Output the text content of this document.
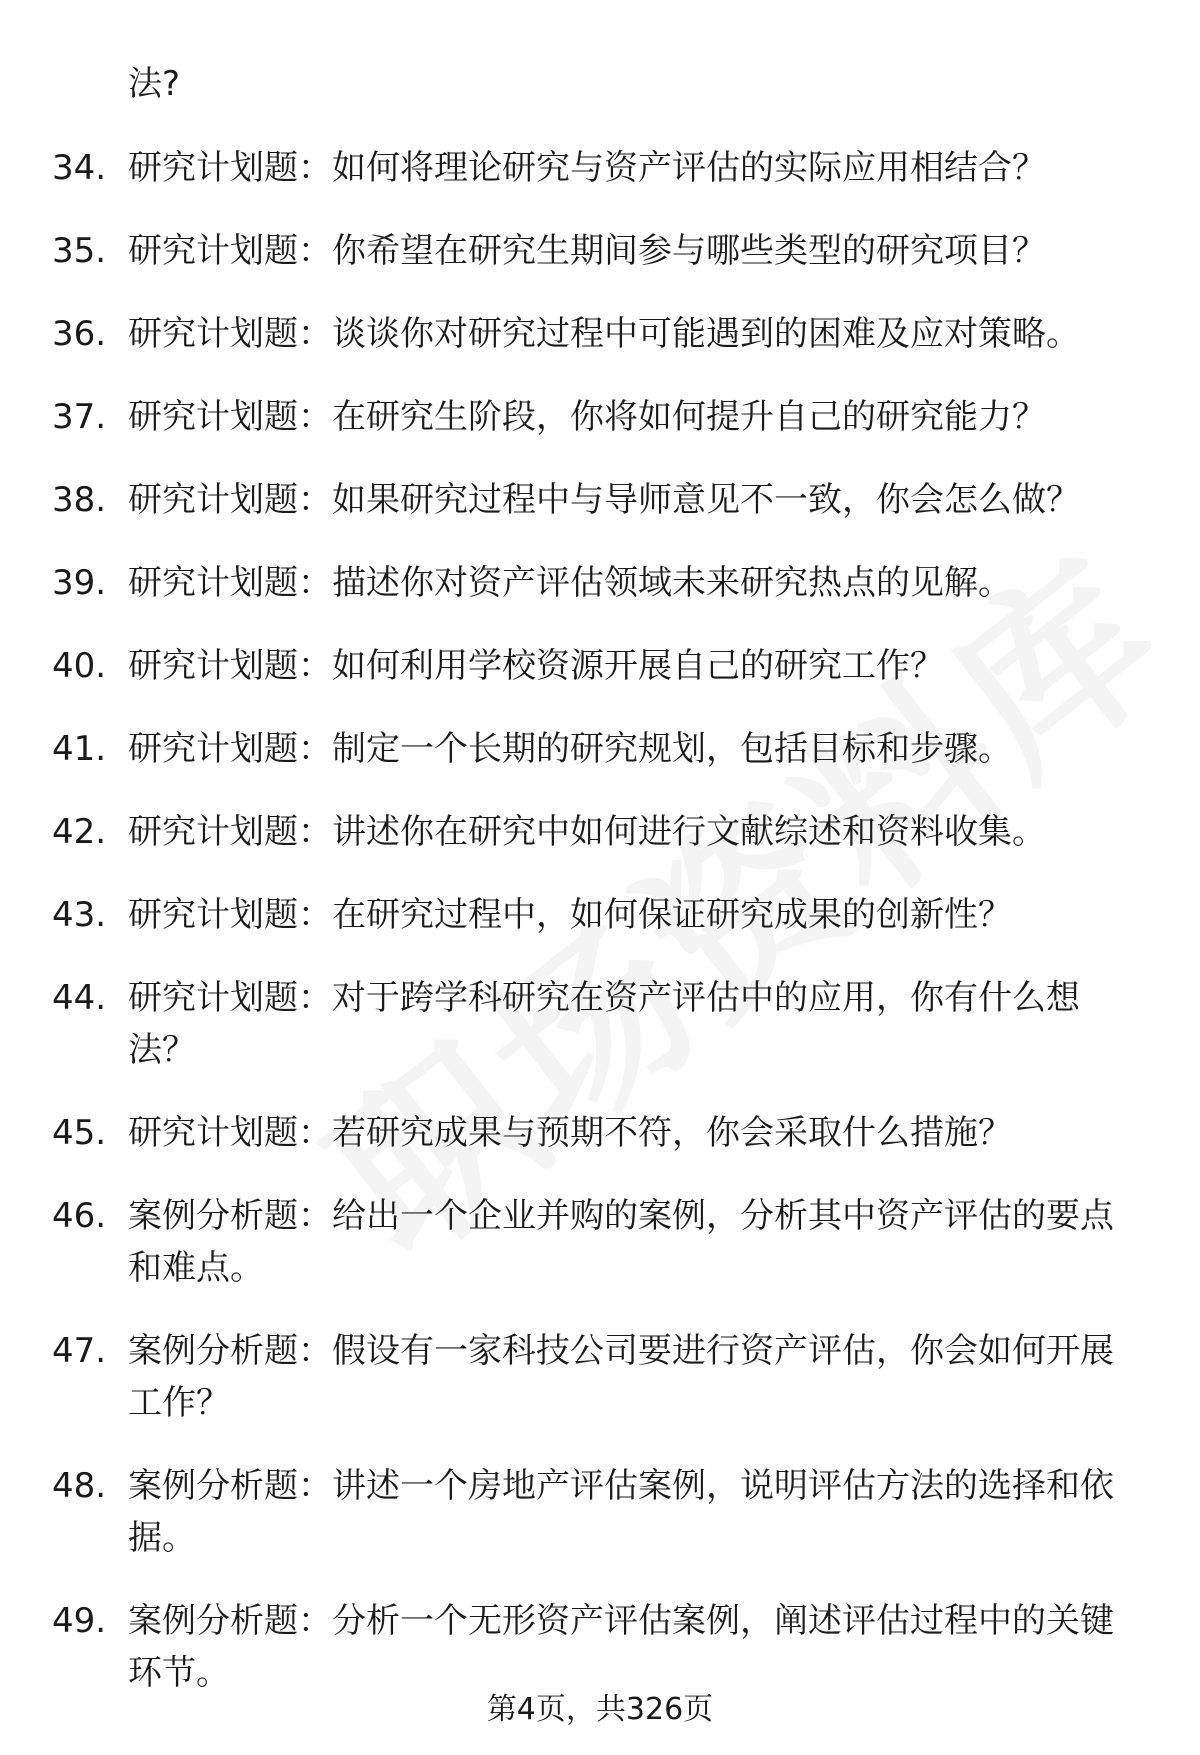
法?
34. 研究计划题：如何将理论研究与资产评估的实际应用相结合？
35. 研究计划题：你希望在研究生期间参与哪些类型的研究项目？
36. 研究计划题：谈谈你对研究过程中可能遇到的困难及应对策略。
37. 研究计划题：在研究生阶段，你将如何提升自己的研究能力？
38. 研究计划题：如果研究过程中与导师意见不一致，你会怎么做？
39. 研究计划题：描述你对资产评估领域未来研究热点的见解。
40. 研究计划题：如何利用学校资源开展自己的研究工作？
41. 研究计划题：制定一个长期的研究规划，包括目标和步骤。
42. 研究计划题：讲述你在研究中如何进行文献综述和资料收集。
43. 研究计划题：在研究过程中，如何保证研究成果的创新性？
44. 研究计划题：对于跨学科研究在资产评估中的应用，你有什么想法？
45. 研究计划题：若研究成果与预期不符，你会采取什么措施？
46. 案例分析题：给出一个企业并购的案例，分析其中资产评估的要点和难点。
47. 案例分析题：假设有一家科技公司要进行资产评估，你会如何开展工作？
48. 案例分析题：讲述一个房地产评估案例，说明评估方法的选择和依据。
49. 案例分析题：分析一个无形资产评估案例，阐述评估过程中的关键环节。
第4页，共326页
